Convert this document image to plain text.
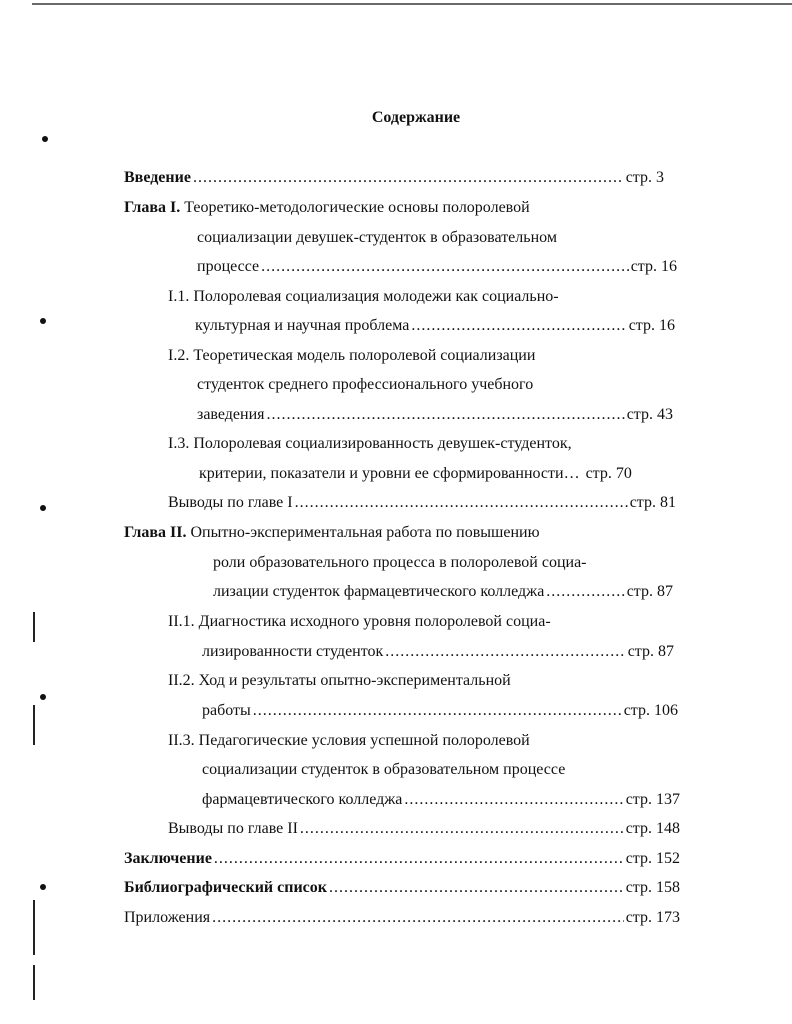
Содержание
Введение .....	стр. 3
Глава I. Теоретико-методологические основы полоролевой
социализации девушек-студенток в образовательном
процессе .....	стр. 16
I.1. Полоролевая социализация молодежи как социально-
культурная и научная проблема .....	стр. 16
I.2. Теоретическая модель полоролевой социализации
студенток среднего профессионального учебного
заведения .....	стр. 43
I.3. Полоролевая социализированность девушек-студенток,
критерии, показатели и уровни ее сформированности… стр. 70
Выводы по главе I .....	стр. 81
Глава II. Опытно-экспериментальная работа по повышению
роли образовательного процесса в полоролевой социа-
лизации студенток фармацевтического колледжа .....	стр. 87
II.1. Диагностика исходного уровня полоролевой социа-
лизированности студенток .....	стр. 87
II.2. Ход и результаты опытно-экспериментальной
работы .....	стр. 106
II.3. Педагогические условия успешной полоролевой
социализации студенток в образовательном процессе
фармацевтического колледжа .....	стр. 137
Выводы по главе II .....	стр. 148
Заключение .....	стр. 152
Библиографический список .....	стр. 158
Приложения .....	стр. 173
